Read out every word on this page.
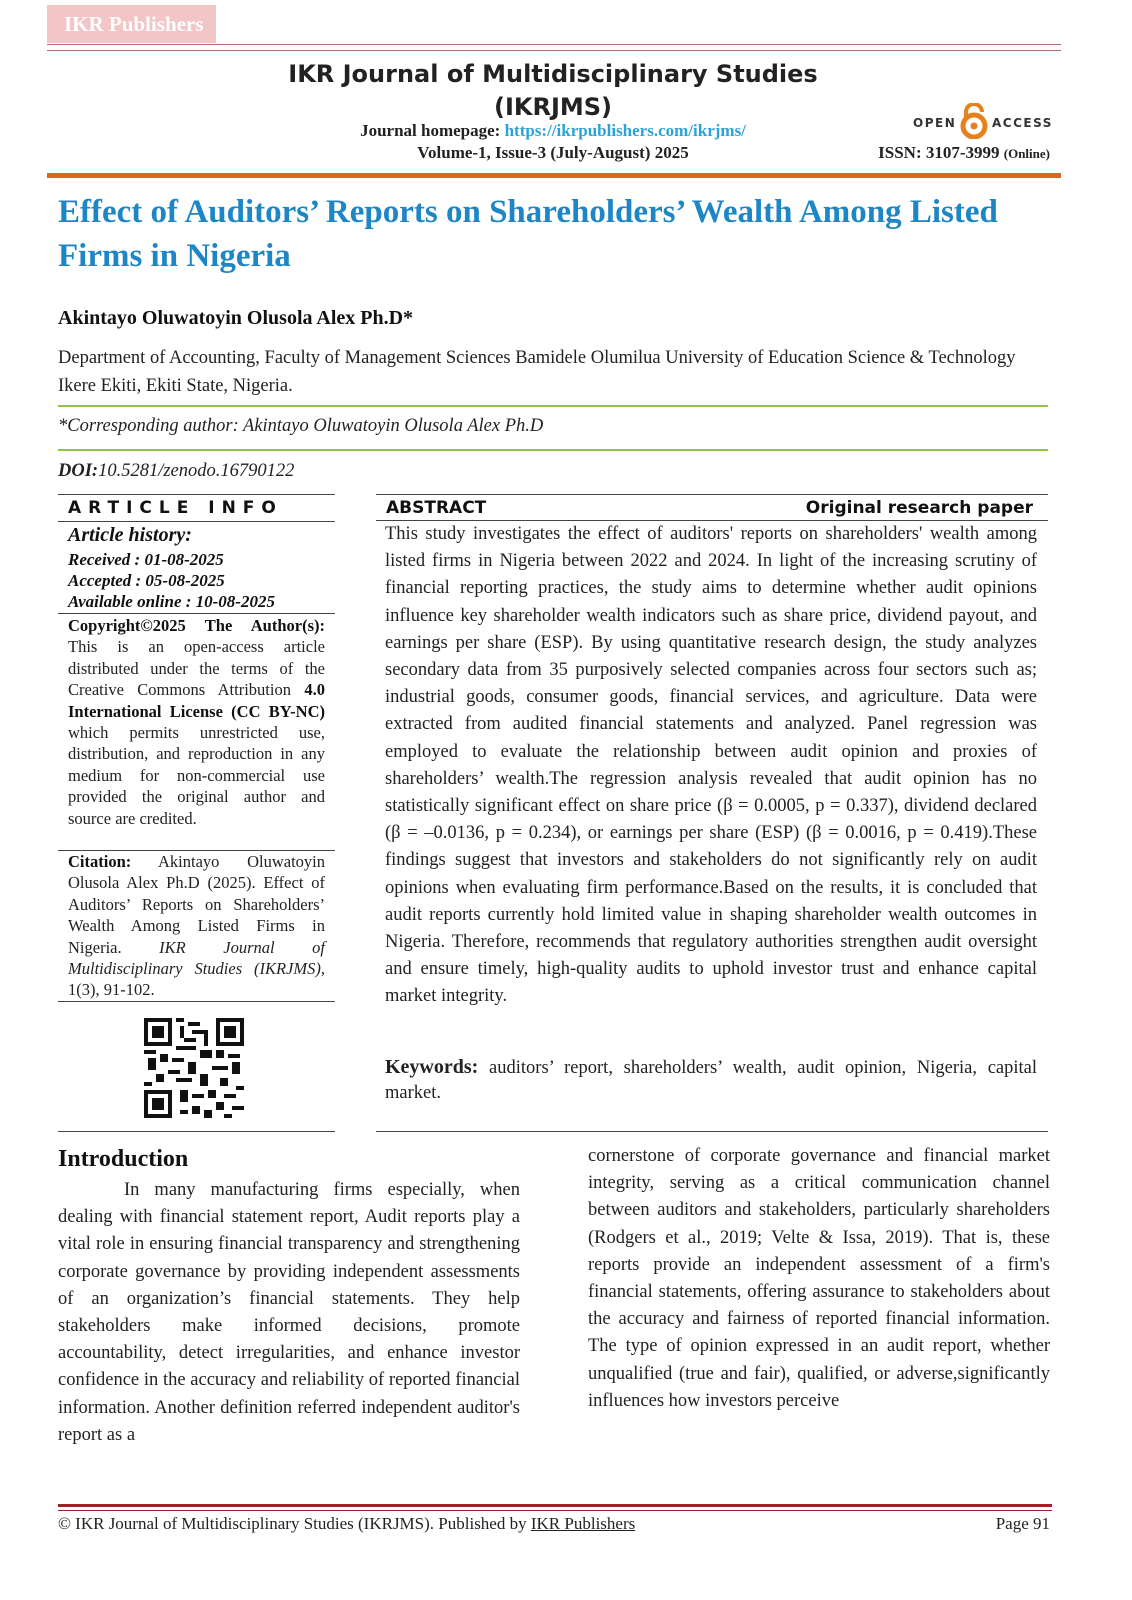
IKR Publishers
IKR Journal of Multidisciplinary Studies
(IKRJMS)
Journal homepage: https://ikrpublishers.com/ikrjms/
Volume-1, Issue-3 (July-August) 2025
OPEN	ACCESS
ISSN: 3107-3999 (Online)
Effect of Auditors’ Reports on Shareholders’ Wealth Among Listed Firms in Nigeria
Akintayo Oluwatoyin Olusola Alex Ph.D*
Department of Accounting, Faculty of Management Sciences Bamidele Olumilua University of Education Science & Technology Ikere Ekiti, Ekiti State, Nigeria.
*Corresponding author: Akintayo Oluwatoyin Olusola Alex Ph.D
DOI:10.5281/zenodo.16790122
ARTICLE INFO
Article history:
Received : 01-08-2025
Accepted : 05-08-2025
Available online : 10-08-2025
Copyright©2025 The Author(s): This is an open-access article distributed under the terms of the Creative Commons Attribution 4.0 International License (CC BY-NC) which permits unrestricted use, distribution, and reproduction in any medium for non-commercial use provided the original author and source are credited.
Citation: Akintayo Oluwatoyin Olusola Alex Ph.D (2025). Effect of Auditors’ Reports on Shareholders’ Wealth Among Listed Firms in Nigeria. IKR Journal of Multidisciplinary Studies (IKRJMS), 1(3), 91-102.
ABSTRACT	Original research paper
This study investigates the effect of auditors' reports on shareholders' wealth among listed firms in Nigeria between 2022 and 2024. In light of the increasing scrutiny of financial reporting practices, the study aims to determine whether audit opinions influence key shareholder wealth indicators such as share price, dividend payout, and earnings per share (ESP). By using quantitative research design, the study analyzes secondary data from 35 purposively selected companies across four sectors such as; industrial goods, consumer goods, financial services, and agriculture. Data were extracted from audited financial statements and analyzed. Panel regression was employed to evaluate the relationship between audit opinion and proxies of shareholders’ wealth.The regression analysis revealed that audit opinion has no statistically significant effect on share price (β = 0.0005, p = 0.337), dividend declared (β = –0.0136, p = 0.234), or earnings per share (ESP) (β = 0.0016, p = 0.419).These findings suggest that investors and stakeholders do not significantly rely on audit opinions when evaluating firm performance.Based on the results, it is concluded that audit reports currently hold limited value in shaping shareholder wealth outcomes in Nigeria. Therefore, recommends that regulatory authorities strengthen audit oversight and ensure timely, high-quality audits to uphold investor trust and enhance capital market integrity.
Keywords: auditors’ report, shareholders’ wealth, audit opinion, Nigeria, capital market.
Introduction
In many manufacturing firms especially, when dealing with financial statement report, Audit reports play a vital role in ensuring financial transparency and strengthening corporate governance by providing independent assessments of an organization’s financial statements. They help stakeholders make informed decisions, promote accountability, detect irregularities, and enhance investor confidence in the accuracy and reliability of reported financial information. Another definition referred independent auditor's report as a
cornerstone of corporate governance and financial market integrity, serving as a critical communication channel between auditors and stakeholders, particularly shareholders (Rodgers et al., 2019; Velte & Issa, 2019). That is, these reports provide an independent assessment of a firm's financial statements, offering assurance to stakeholders about the accuracy and fairness of reported financial information. The type of opinion expressed in an audit report, whether unqualified (true and fair), qualified, or adverse,significantly influences how investors perceive
© IKR Journal of Multidisciplinary Studies (IKRJMS). Published by IKR Publishers	Page 91
